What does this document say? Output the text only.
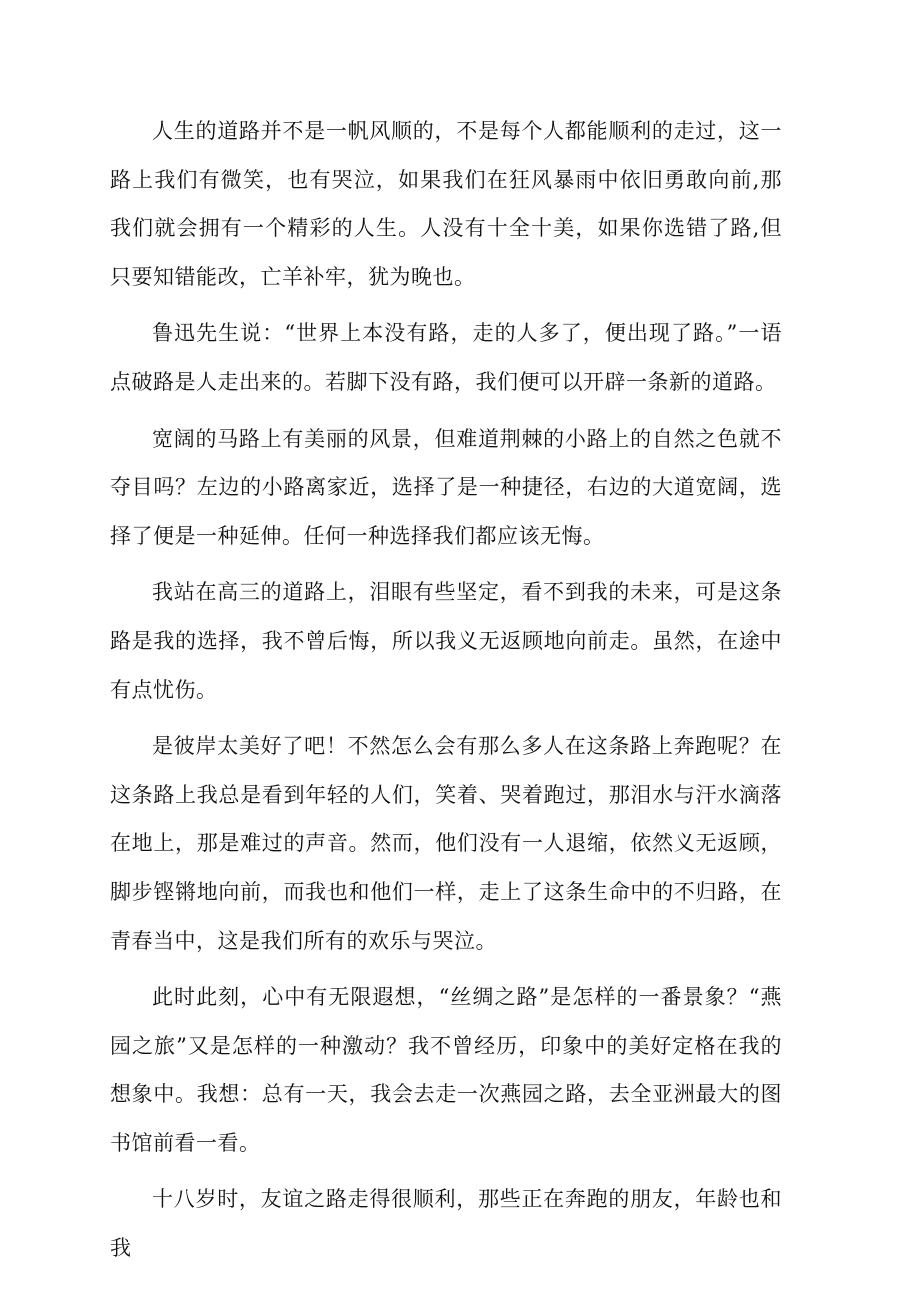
人生的道路并不是一帆风顺的，不是每个人都能顺利的走过，这一路上我们有微笑，也有哭泣，如果我们在狂风暴雨中依旧勇敢向前,那我们就会拥有一个精彩的人生。人没有十全十美，如果你选错了路,但只要知错能改，亡羊补牢，犹为晚也。

鲁迅先生说：“世界上本没有路，走的人多了，便出现了路。”一语点破路是人走出来的。若脚下没有路，我们便可以开辟一条新的道路。

宽阔的马路上有美丽的风景，但难道荆棘的小路上的自然之色就不夺目吗？左边的小路离家近，选择了是一种捷径，右边的大道宽阔，选择了便是一种延伸。任何一种选择我们都应该无悔。

我站在高三的道路上，泪眼有些坚定，看不到我的未来，可是这条路是我的选择，我不曾后悔，所以我义无返顾地向前走。虽然，在途中有点忧伤。

是彼岸太美好了吧！不然怎么会有那么多人在这条路上奔跑呢？在这条路上我总是看到年轻的人们，笑着、哭着跑过，那泪水与汗水滴落在地上，那是难过的声音。然而，他们没有一人退缩，依然义无返顾，脚步铿锵地向前，而我也和他们一样，走上了这条生命中的不归路，在青春当中，这是我们所有的欢乐与哭泣。

此时此刻，心中有无限遐想，“丝绸之路”是怎样的一番景象？“燕园之旅”又是怎样的一种激动？我不曾经历，印象中的美好定格在我的想象中。我想：总有一天，我会去走一次燕园之路，去全亚洲最大的图书馆前看一看。

十八岁时，友谊之路走得很顺利，那些正在奔跑的朋友，年龄也和我
